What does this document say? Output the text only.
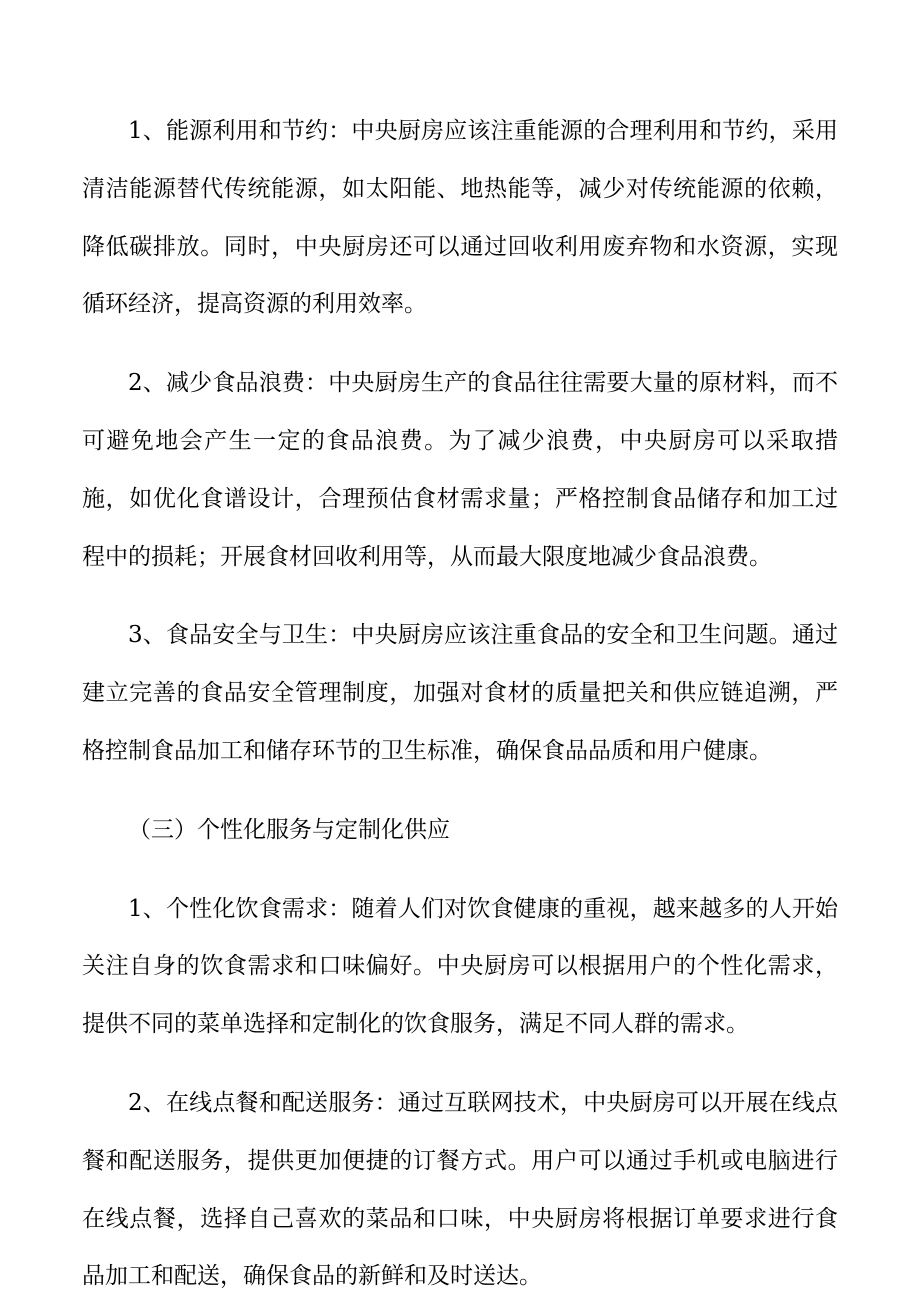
1、能源利用和节约：中央厨房应该注重能源的合理利用和节约，采用清洁能源替代传统能源，如太阳能、地热能等，减少对传统能源的依赖，降低碳排放。同时，中央厨房还可以通过回收利用废弃物和水资源，实现循环经济，提高资源的利用效率。

2、减少食品浪费：中央厨房生产的食品往往需要大量的原材料，而不可避免地会产生一定的食品浪费。为了减少浪费，中央厨房可以采取措施，如优化食谱设计，合理预估食材需求量；严格控制食品储存和加工过程中的损耗；开展食材回收利用等，从而最大限度地减少食品浪费。

3、食品安全与卫生：中央厨房应该注重食品的安全和卫生问题。通过建立完善的食品安全管理制度，加强对食材的质量把关和供应链追溯，严格控制食品加工和储存环节的卫生标准，确保食品品质和用户健康。

（三）个性化服务与定制化供应

1、个性化饮食需求：随着人们对饮食健康的重视，越来越多的人开始关注自身的饮食需求和口味偏好。中央厨房可以根据用户的个性化需求，提供不同的菜单选择和定制化的饮食服务，满足不同人群的需求。

2、在线点餐和配送服务：通过互联网技术，中央厨房可以开展在线点餐和配送服务，提供更加便捷的订餐方式。用户可以通过手机或电脑进行在线点餐，选择自己喜欢的菜品和口味，中央厨房将根据订单要求进行食品加工和配送，确保食品的新鲜和及时送达。
